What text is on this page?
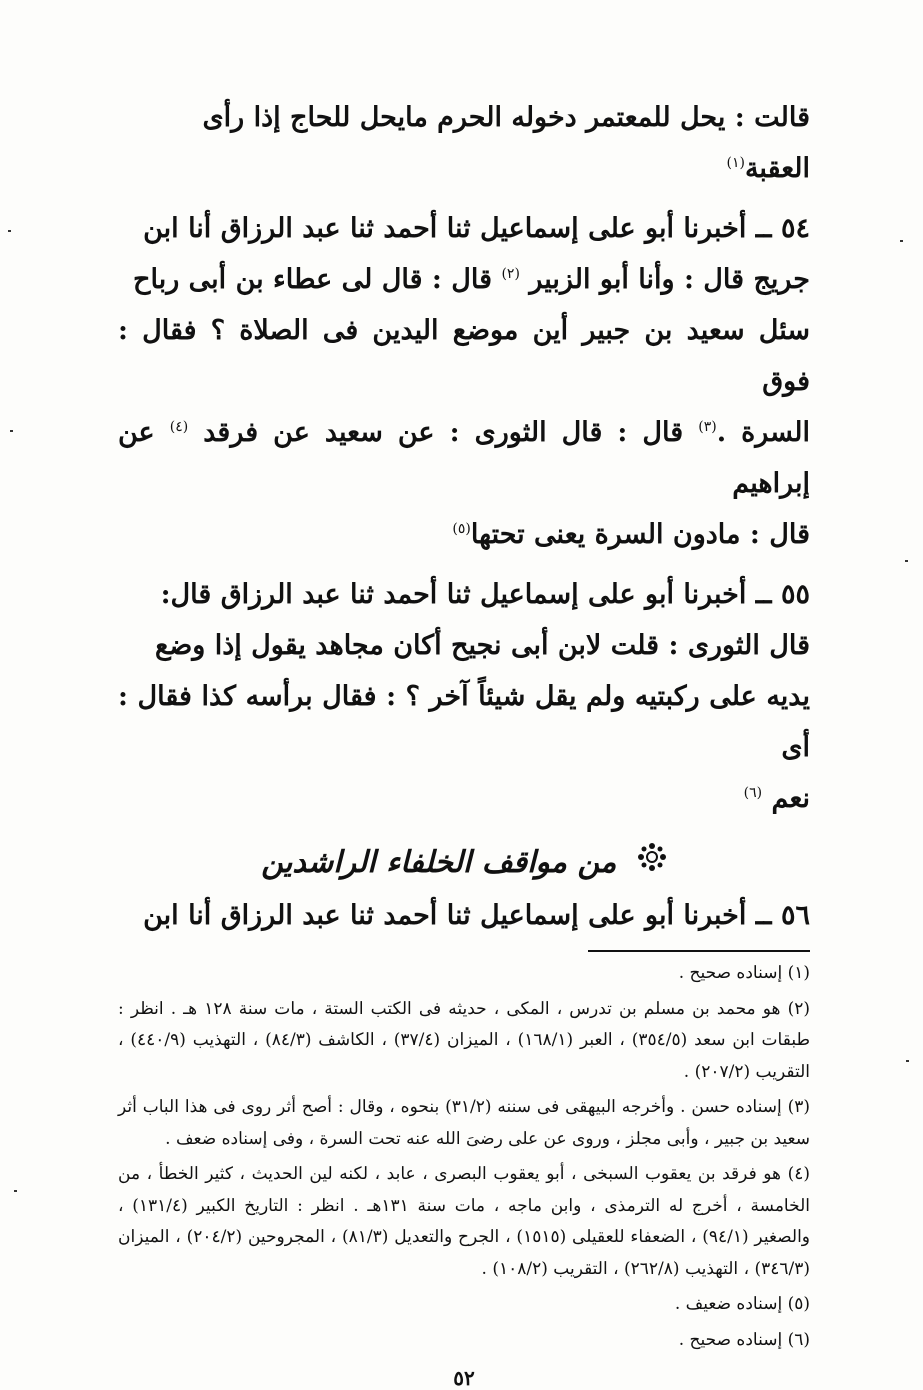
قالت : يحل للمعتمر دخوله الحرم مايحل للحاج إذا رأى

العقبة$^{(١)}$

٥٤ ــ أخبرنا أبو على إسماعيل ثنا أحمد ثنا عبد الرزاق أنا ابن

جريج قال : وأنا أبو الزبير $^{(٢)}$ قال : قال لى عطاء بن أبى رباح

سئل سعيد بن جبير أين موضع اليدين فى الصلاة ؟ فقال : فوق

السرة .$^{(٣)}$ قال : قال الثورى : عن سعيد عن فرقد $^{(٤)}$ عن إبراهيم

قال : مادون السرة يعنى تحتها$^{(٥)}$

٥٥ ــ أخبرنا أبو على إسماعيل ثنا أحمد ثنا عبد الرزاق قال:

قال الثورى : قلت لابن أبى نجيح أكان مجاهد يقول إذا وضع

يديه على ركبتيه ولم يقل شيئاً آخر ؟ : فقال برأسه كذا فقال : أى

نعم $^{(٦)}$

من مواقف الخلفاء الراشدين

٥٦ ــ أخبرنا أبو على إسماعيل ثنا أحمد ثنا عبد الرزاق أنا ابن

(١) إسناده صحيح .

(٢) هو محمد بن مسلم بن تدرس ، المكى ، حديثه فى الكتب الستة ، مات سنة ١٢٨ هـ . انظر : طبقات ابن سعد (٣٥٤/٥) ، العبر (١٦٨/١) ، الميزان (٣٧/٤) ، الكاشف (٨٤/٣) ، التهذيب (٤٤٠/٩) ، التقريب (٢٠٧/٢) .

(٣) إسناده حسن . وأخرجه البيهقى فى سننه (٣١/٢) بنحوه ، وقال : أصح أثر روى فى هذا الباب أثر سعيد بن جبير ، وأبى مجلز ، وروى عن على رضىَ الله عنه تحت السرة ، وفى إسناده ضعف .

(٤) هو فرقد بن يعقوب السبخى ، أبو يعقوب البصرى ، عابد ، لكنه لين الحديث ، كثير الخطأ ، من الخامسة ، أخرج له الترمذى ، وابن ماجه ، مات سنة ١٣١هـ . انظر : التاريخ الكبير (١٣١/٤) ، والصغير (٩٤/١) ، الضعفاء للعقيلى (١٥١٥) ، الجرح والتعديل (٨١/٣) ، المجروحين (٢٠٤/٢) ، الميزان (٣٤٦/٣) ، التهذيب (٢٦٢/٨) ، التقريب (١٠٨/٢) .

(٥) إسناده ضعيف .

(٦) إسناده صحيح .

٥٢
